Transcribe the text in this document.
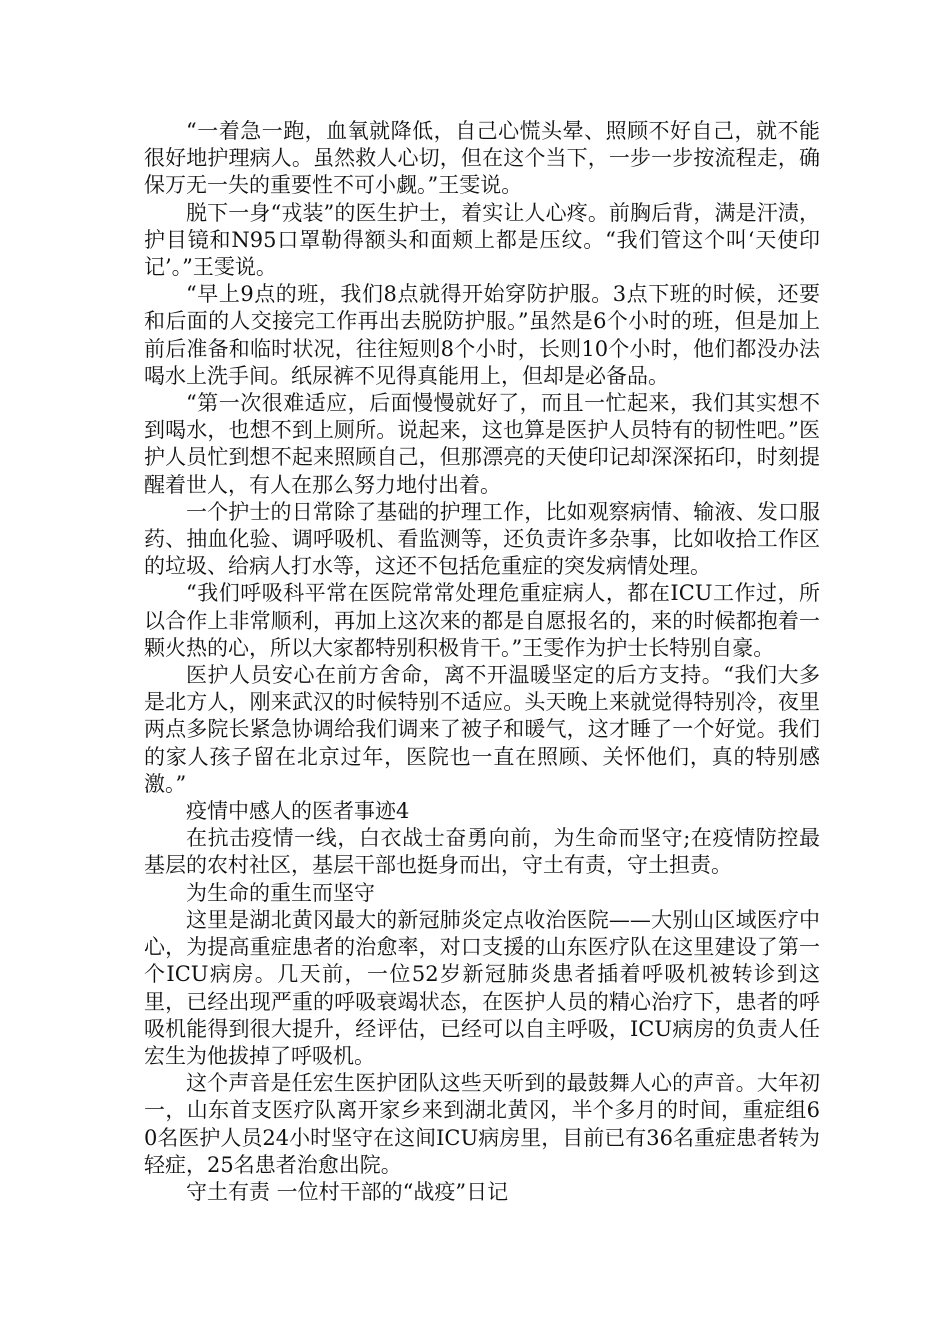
“一着急一跑，血氧就降低，自己心慌头晕、照顾不好自己，就不能很好地护理病人。虽然救人心切，但在这个当下，一步一步按流程走，确保万无一失的重要性不可小觑。”王雯说。

脱下一身“戎装”的医生护士，着实让人心疼。前胸后背，满是汗渍，护目镜和N95口罩勒得额头和面颊上都是压纹。“我们管这个叫‘天使印记’。”王雯说。

“早上9点的班，我们8点就得开始穿防护服。3点下班的时候，还要和后面的人交接完工作再出去脱防护服。”虽然是6个小时的班，但是加上前后准备和临时状况，往往短则8个小时，长则10个小时，他们都没办法喝水上洗手间。纸尿裤不见得真能用上，但却是必备品。

“第一次很难适应，后面慢慢就好了，而且一忙起来，我们其实想不到喝水，也想不到上厕所。说起来，这也算是医护人员特有的韧性吧。”医护人员忙到想不起来照顾自己，但那漂亮的天使印记却深深拓印，时刻提醒着世人，有人在那么努力地付出着。

一个护士的日常除了基础的护理工作，比如观察病情、输液、发口服药、抽血化验、调呼吸机、看监测等，还负责许多杂事，比如收拾工作区的垃圾、给病人打水等，这还不包括危重症的突发病情处理。

“我们呼吸科平常在医院常常处理危重症病人，都在ICU工作过，所以合作上非常顺利，再加上这次来的都是自愿报名的，来的时候都抱着一颗火热的心，所以大家都特别积极肯干。”王雯作为护士长特别自豪。

医护人员安心在前方舍命，离不开温暖坚定的后方支持。“我们大多是北方人，刚来武汉的时候特别不适应。头天晚上来就觉得特别冷，夜里两点多院长紧急协调给我们调来了被子和暖气，这才睡了一个好觉。我们的家人孩子留在北京过年，医院也一直在照顾、关怀他们，真的特别感激。”

疫情中感人的医者事迹4

在抗击疫情一线，白衣战士奋勇向前，为生命而坚守;在疫情防控最基层的农村社区，基层干部也挺身而出，守土有责，守土担责。

为生命的重生而坚守

这里是湖北黄冈最大的新冠肺炎定点收治医院——大别山区域医疗中心，为提高重症患者的治愈率，对口支援的山东医疗队在这里建设了第一个ICU病房。几天前，一位52岁新冠肺炎患者插着呼吸机被转诊到这里，已经出现严重的呼吸衰竭状态，在医护人员的精心治疗下，患者的呼吸机能得到很大提升，经评估，已经可以自主呼吸，ICU病房的负责人任宏生为他拔掉了呼吸机。

这个声音是任宏生医护团队这些天听到的最鼓舞人心的声音。大年初一，山东首支医疗队离开家乡来到湖北黄冈，半个多月的时间，重症组60名医护人员24小时坚守在这间ICU病房里，目前已有36名重症患者转为轻症，25名患者治愈出院。

守土有责 一位村干部的“战疫”日记
